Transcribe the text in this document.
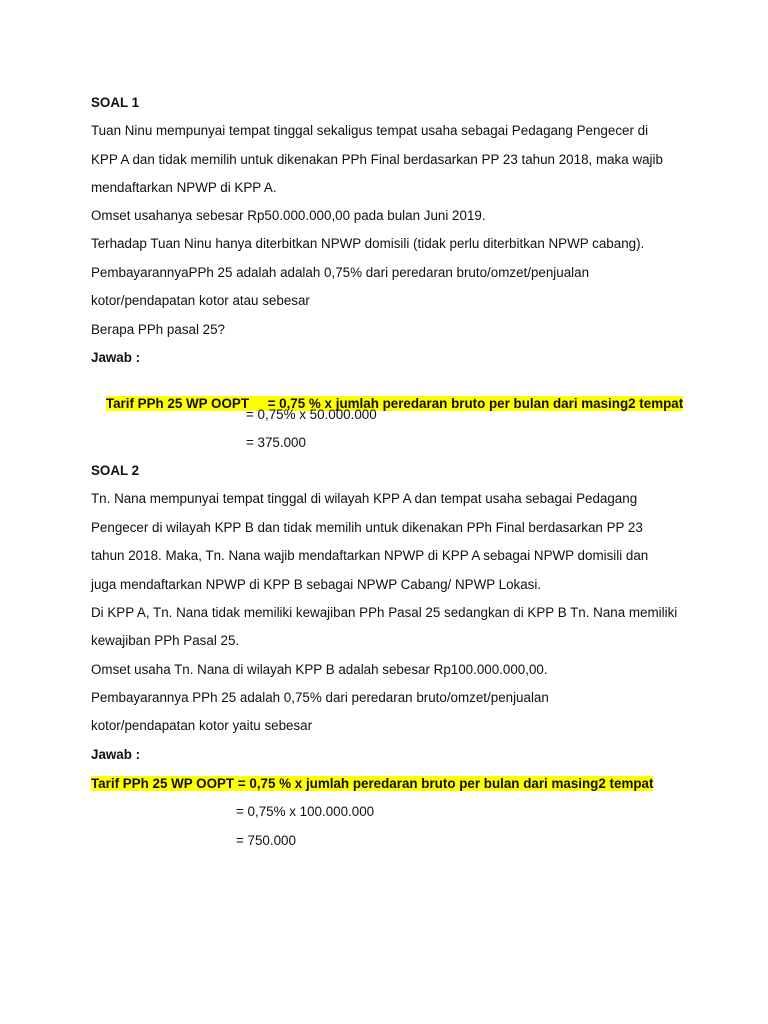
SOAL 1
Tuan Ninu mempunyai tempat tinggal sekaligus tempat usaha sebagai Pedagang Pengecer di
KPP A dan tidak memilih untuk dikenakan PPh Final berdasarkan PP 23 tahun 2018, maka wajib
mendaftarkan NPWP di KPP A.
Omset usahanya sebesar Rp50.000.000,00 pada bulan Juni 2019.
Terhadap Tuan Ninu hanya diterbitkan NPWP domisili (tidak perlu diterbitkan NPWP cabang).
PembayarannyaPPh 25 adalah adalah 0,75% dari peredaran bruto/omzet/penjualan
kotor/pendapatan kotor atau sebesar
Berapa PPh pasal 25?
Jawab :

Tarif PPh 25 WP OOPT     = 0,75 % x jumlah peredaran bruto per bulan dari masing2 tempat

= 0,75% x 50.000.000
= 375.000
SOAL 2
Tn. Nana mempunyai tempat tinggal di wilayah KPP A dan tempat usaha sebagai Pedagang
Pengecer di wilayah KPP B dan tidak memilih untuk dikenakan PPh Final berdasarkan PP 23
tahun 2018. Maka, Tn. Nana wajib mendaftarkan NPWP di KPP A sebagai NPWP domisili dan
juga mendaftarkan NPWP di KPP B sebagai NPWP Cabang/ NPWP Lokasi.
Di KPP A, Tn. Nana tidak memiliki kewajiban PPh Pasal 25 sedangkan di KPP B Tn. Nana memiliki
kewajiban PPh Pasal 25.
Omset usaha Tn. Nana di wilayah KPP B adalah sebesar Rp100.000.000,00.
Pembayarannya PPh 25 adalah 0,75% dari peredaran bruto/omzet/penjualan
kotor/pendapatan kotor yaitu sebesar
Jawab :
Tarif PPh 25 WP OOPT = 0,75 % x jumlah peredaran bruto per bulan dari masing2 tempat
= 0,75% x 100.000.000
= 750.000
